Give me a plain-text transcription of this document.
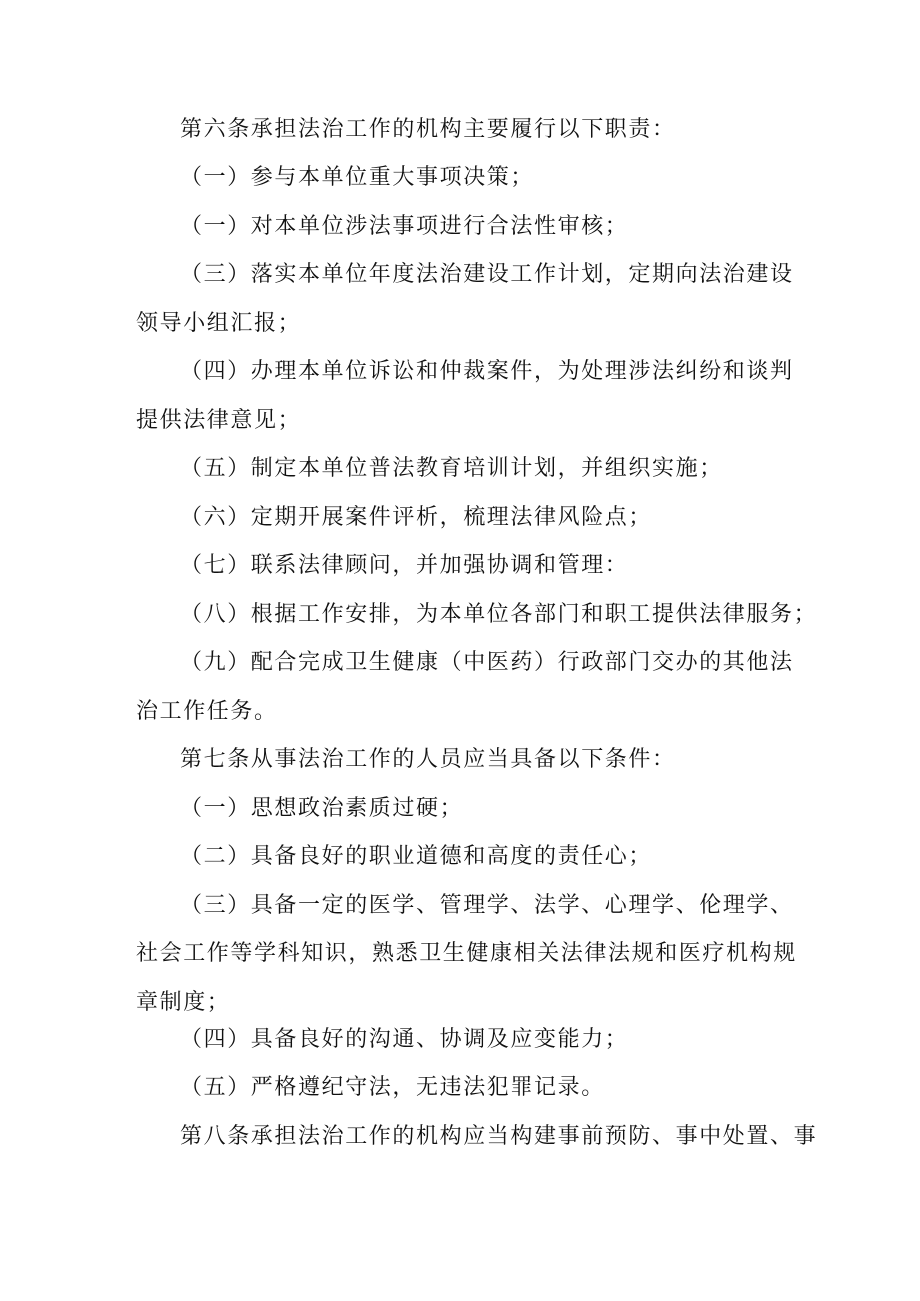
第六条承担法治工作的机构主要履行以下职责：
（一）参与本单位重大事项决策；
（一）对本单位涉法事项进行合法性审核；
（三）落实本单位年度法治建设工作计划，定期向法治建设
领导小组汇报；
（四）办理本单位诉讼和仲裁案件，为处理涉法纠纷和谈判
提供法律意见；
（五）制定本单位普法教育培训计划，并组织实施；
（六）定期开展案件评析，梳理法律风险点；
（七）联系法律顾问，并加强协调和管理：
（八）根据工作安排，为本单位各部门和职工提供法律服务；
（九）配合完成卫生健康（中医药）行政部门交办的其他法
治工作任务。
第七条从事法治工作的人员应当具备以下条件：
（一）思想政治素质过硬；
（二）具备良好的职业道德和高度的责任心；
（三）具备一定的医学、管理学、法学、心理学、伦理学、
社会工作等学科知识，熟悉卫生健康相关法律法规和医疗机构规
章制度；
（四）具备良好的沟通、协调及应变能力；
（五）严格遵纪守法，无违法犯罪记录。
第八条承担法治工作的机构应当构建事前预防、事中处置、事
